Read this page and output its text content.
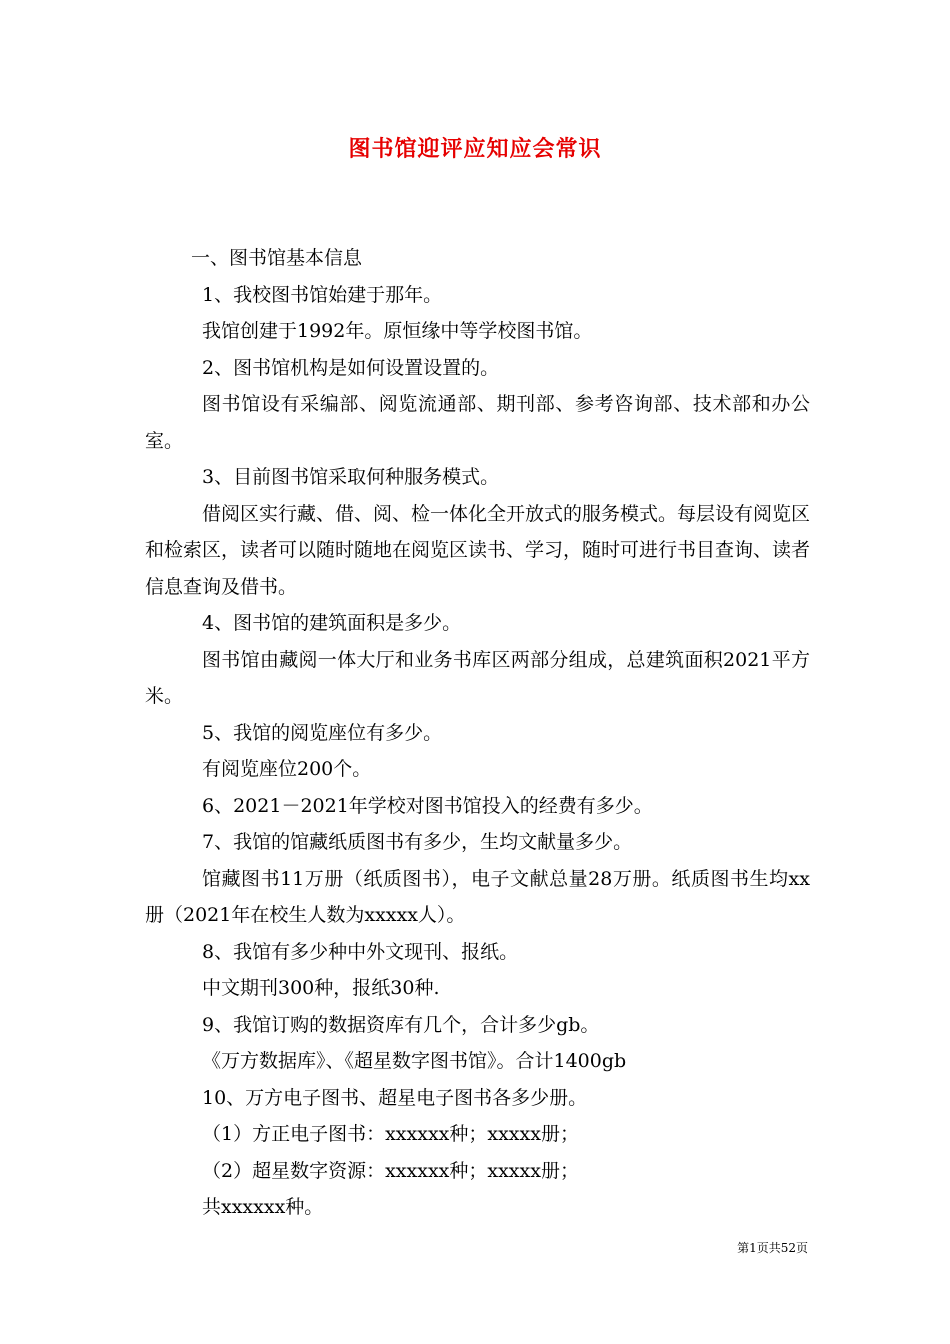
图书馆迎评应知应会常识

一、图书馆基本信息

1、我校图书馆始建于那年。

我馆创建于1992年。原恒缘中等学校图书馆。

2、图书馆机构是如何设置设置的。

图书馆设有采编部、阅览流通部、期刊部、参考咨询部、技术部和办公室。

3、目前图书馆采取何种服务模式。

借阅区实行藏、借、阅、检一体化全开放式的服务模式。每层设有阅览区和检索区，读者可以随时随地在阅览区读书、学习，随时可进行书目查询、读者信息查询及借书。

4、图书馆的建筑面积是多少。

图书馆由藏阅一体大厅和业务书库区两部分组成，总建筑面积2021平方米。

5、我馆的阅览座位有多少。

有阅览座位200个。

6、2021－2021年学校对图书馆投入的经费有多少。

7、我馆的馆藏纸质图书有多少，生均文献量多少。

馆藏图书11万册（纸质图书），电子文献总量28万册。纸质图书生均xx册（2021年在校生人数为xxxxx人）。

8、我馆有多少种中外文现刊、报纸。

中文期刊300种，报纸30种.

9、我馆订购的数据资库有几个，合计多少gb。

《万方数据库》、《超星数字图书馆》。合计1400gb

10、万方电子图书、超星电子图书各多少册。

（1）方正电子图书：xxxxxx种；xxxxx册；

（2）超星数字资源：xxxxxx种；xxxxx册；

共xxxxxx种。

第1页共52页
